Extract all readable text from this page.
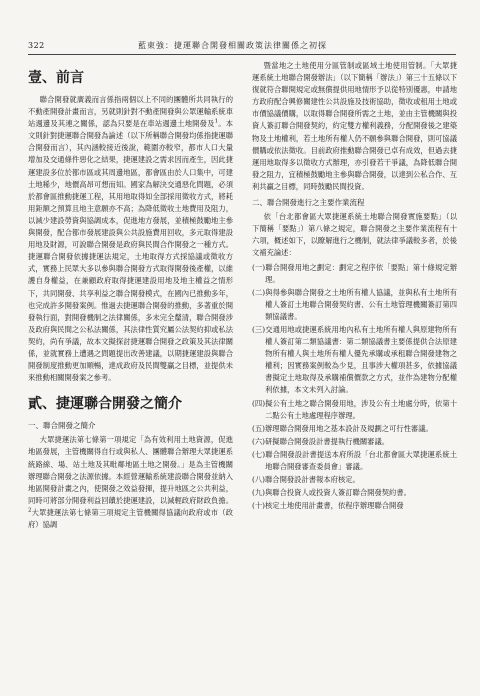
322	藍東強：捷運聯合開發相關政策法律關係之初探
壹、前言

聯合開發就廣義而言係指兩個以上不同的團體所共同執行的不動產開發計畫而言，另就則針對不動產開發與公眾運輸系統車站週邊及其連之關係，認為只要是在車站週邊土地開發及$^1$。本文則針對捷運聯合開發為論述（以下所稱聯合開發均係指捷運聯合開發而言），其內涵較接近後說，範圍亦較窄，都市人口大量增加及交通條件惡化之結果，捷運建設之需求因而產生，因此捷運建設多位於都市區或其周邊地區，都會區由於人口集中，可建土地稀少，地價高昂可想而知。國家為解決交通惡化問題，必須於都會區推動捷運工程，其用地取得如全部採用徵收方式，將耗用鉅額之預算且地主意願亦不高；為降低徵收土地費用及阻力，以減少建設勞資與協調成本，促進地方發展，並積極鼓勵地主參與開發，配合都市發展建設與公共設施費用回收，多元取得建設用地及財源，可說聯合開發是政府與民間合作開發之一種方式。捷運聯合開發依據捷運法規定，土地取得方式採協議或徵收方式，實務上民眾大多以參與聯合開發方式取得開發後產權，以維護自身權益，在兼顧政府取得捷運建設用地及地主權益之情形下，共同開發、共享利益之聯合開發模式，在國內已推動多年，也完成許多開發案例。惟過去捷運聯合開發的推動，多著重於開發執行面，對開發機制之法律關係，多未完全釐清，聯合開發涉及政府與民間之公私法關係，其法律性質究屬公法契約抑或私法契約，尚有爭議，故本文擬探討捷運聯合開發之政策及其法律關係，並就實務上遭遇之問題提出改善建議，以期捷運建設與聯合開發制度推動更加順暢，達成政府及民間雙贏之目標，並提供未來推動相關開發案之參考。

貳、捷運聯合開發之簡介
一、聯合開發之簡介

大眾捷運法第七條第一項規定「為有效利用土地資源，促進地區發展，主管機關得自行或與私人、團體聯合辦理大眾捷運系統路線、場、站土地及其毗鄰地區土地之開發。」是為主管機關辦理聯合開發之法源依據。本經營運輸系統建設聯合開發並納入地區開發計畫之內，使開發之效益發揮，提升地區之公共利益，同時可將部分開發利益回饋於捷運建設，以減輕政府財政負擔。$^2$大眾捷運法第七條第三項規定主管機關得協議向政府或市（政府）協調

暨當地之土地使用分區管制或區域土地使用管制。「大眾捷運系統土地聯合開發辦法」（以下簡稱「辦法」）第三十五條以下復就符合聯開規定或無償提供用地情形予以從特別優惠，申請地方政府配合興修關建性公共設施及技術協助，徵收或租用土地或市價協議價購，以取得聯合開發所需之土地，並由主管機關與投資人簽訂聯合開發契約，約定雙方權利義務，分配開發後之建築物及土地權利，若土地所有權人仍不願參與聯合開發，則可協議價購或依法徵收。目前政府推動聯合開發已卓有成效，但過去捷運用地取得多以徵收方式辦理，亦引發若干爭議，為降低聯合開發之阻力，宜積極鼓勵地主參與聯合開發，以達到公私合作、互利共贏之目標，同時鼓勵民間投資。

二、聯合開發進行之主要作業流程

依「台北都會區大眾捷運系統土地聯合開發實施要點」（以下簡稱「要點」）第八條之規定，聯合開發之主要作業流程有十六項，概述如下，以瞭解進行之機制，就法律爭議較多者，於後文補充論述：

(一)聯合開發用地之劃定：劃定之程序依「要點」第十條規定辦理。

(二)與得參與聯合開發之土地所有權人協議，並與私有土地所有權人簽訂土地聯合開發契約書、公有土地管理機關簽訂第四類協議書。

(三)交通用地或捷運系統用地內私有土地所有權人與原建物所有權人簽訂第二類協議書：第二類協議書主要係提供合法原建物所有權人與土地所有權人優先承購或承租聯合開發建物之權利；因實務案例較為少見，且事涉大權項甚多，依據協議書擬定土地取得及承購補償價款之方式，並作為建物分配權利依據，本文未列入討論。

(四)擬公有土地之聯合開發用地，涉及公有土地處分時，依第十二點公有土地處理程序辦理。

(五)辦理聯合開發用地之基本設計及規劃之可行性審議。

(六)研擬聯合開發設計書提執行機關審議。

(七)聯合開發設計書提送本府所設「台北都會區大眾捷運系統土地聯合開發審查委員會」審議。

(八)聯合開發設計書報本府核定。

(九)與聯合投資人或投資人簽訂聯合開發契約書。

(十)核定土地使用計畫書，依程序辦理聯合開發
